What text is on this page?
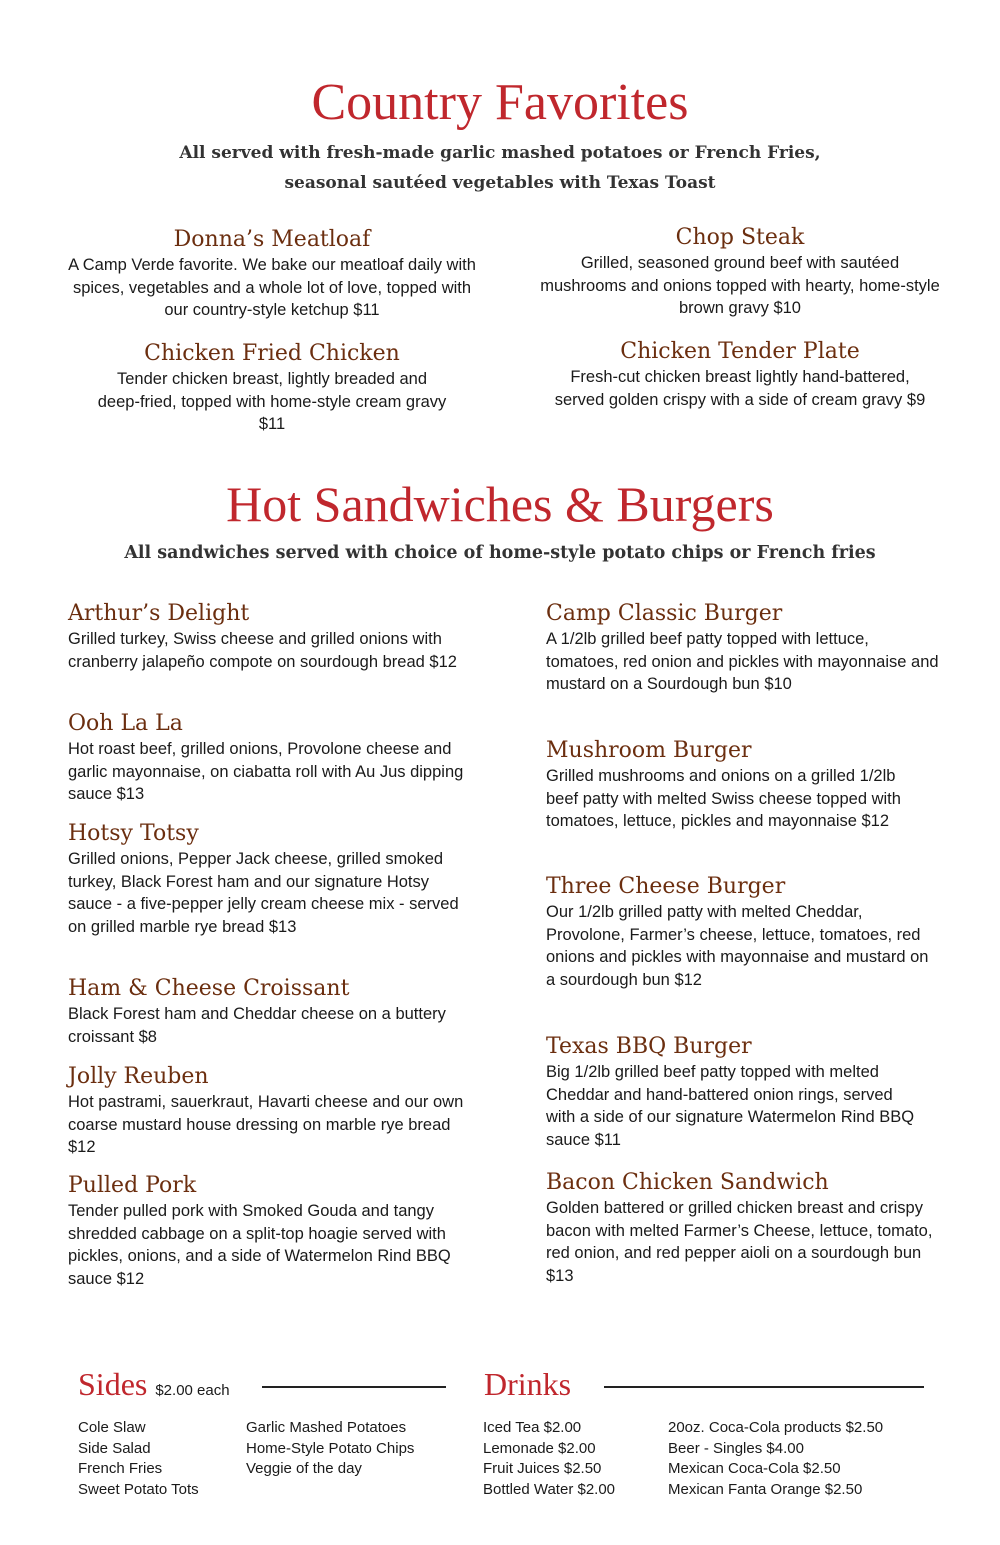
Country Favorites

All served with fresh-made garlic mashed potatoes or French Fries,

seasonal sautéed vegetables with Texas Toast

Donna’s Meatloaf

A Camp Verde favorite. We bake our meatloaf daily with spices, vegetables and a whole lot of love, topped with our country-style ketchup $11

Chop Steak

Grilled, seasoned ground beef with sautéed mushrooms and onions topped with hearty, home-style brown gravy $10

Chicken Fried Chicken

Tender chicken breast, lightly breaded and deep-fried, topped with home-style cream gravy $11

Chicken Tender Plate

Fresh-cut chicken breast lightly hand-battered, served golden crispy with a side of cream gravy $9

Hot Sandwiches & Burgers

All sandwiches served with choice of home-style potato chips or French fries

Arthur’s Delight

Grilled turkey, Swiss cheese and grilled onions with cranberry jalapeño compote on sourdough bread $12

Ooh La La

Hot roast beef, grilled onions, Provolone cheese and garlic mayonnaise, on ciabatta roll with Au Jus dipping sauce $13

Hotsy Totsy

Grilled onions, Pepper Jack cheese, grilled smoked turkey, Black Forest ham and our signature Hotsy sauce - a five-pepper jelly cream cheese mix - served on grilled marble rye bread $13

Ham & Cheese Croissant

Black Forest ham and Cheddar cheese on a buttery croissant $8

Jolly Reuben

Hot pastrami, sauerkraut, Havarti cheese and our own coarse mustard house dressing on marble rye bread $12

Pulled Pork

Tender pulled pork with Smoked Gouda and tangy shredded cabbage on a split-top hoagie served with pickles, onions, and a side of Watermelon Rind BBQ sauce $12

Camp Classic Burger

A 1/2lb grilled beef patty topped with lettuce, tomatoes, red onion and pickles with mayonnaise and mustard on a Sourdough bun $10

Mushroom Burger

Grilled mushrooms and onions on a grilled 1/2lb beef patty with melted Swiss cheese topped with tomatoes, lettuce, pickles and mayonnaise $12

Three Cheese Burger

Our 1/2lb grilled patty with melted Cheddar, Provolone, Farmer’s cheese, lettuce, tomatoes, red onions and pickles with mayonnaise and mustard on a sourdough bun $12

Texas BBQ Burger

Big 1/2lb grilled beef patty topped with melted Cheddar and hand-battered onion rings, served with a side of our signature Watermelon Rind BBQ sauce $11

Bacon Chicken Sandwich

Golden battered or grilled chicken breast and crispy bacon with melted Farmer’s Cheese, lettuce, tomato, red onion, and red pepper aioli on a sourdough bun $13

Sides $2.00 each
Cole Slaw
Side Salad
French Fries
Sweet Potato Tots
Garlic Mashed Potatoes
Home-Style Potato Chips
Veggie of the day
Drinks
Iced Tea $2.00
Lemonade $2.00
Fruit Juices $2.50
Bottled Water $2.00
20oz. Coca-Cola products $2.50
Beer - Singles $4.00
Mexican Coca-Cola $2.50
Mexican Fanta Orange $2.50
